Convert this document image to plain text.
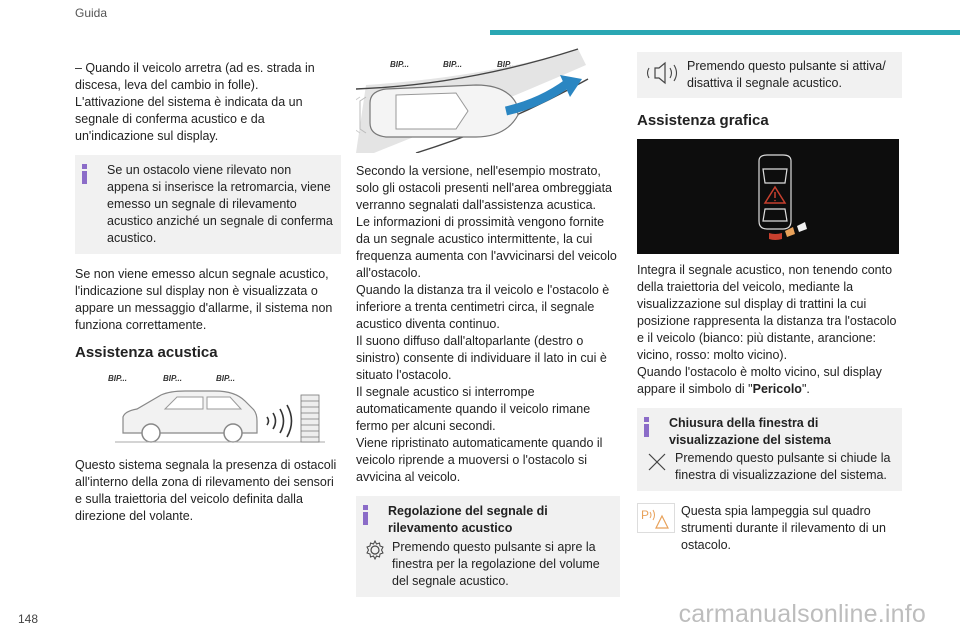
Guida

– Quando il veicolo arretra (ad es. strada in discesa, leva del cambio in folle).

L'attivazione del sistema è indicata da un segnale di conferma acustico e da un'indicazione sul display.

Se un ostacolo viene rilevato non appena si inserisce la retromarcia, viene emesso un segnale di rilevamento acustico anziché un segnale di conferma acustico.

Se non viene emesso alcun segnale acustico, l'indicazione sul display non è visualizzata o appare un messaggio d'allarme, il sistema non funziona correttamente.

Assistenza acustica
BIP...	BIP...	BIP...

Questo sistema segnala la presenza di ostacoli all'interno della zona di rilevamento dei sensori e sulla traiettoria del veicolo definita dalla direzione del volante.

BIP...	BIP...	BIP...

Secondo la versione, nell'esempio mostrato, solo gli ostacoli presenti nell'area ombreggiata verranno segnalati dall'assistenza acustica.

Le informazioni di prossimità vengono fornite da un segnale acustico intermittente, la cui frequenza aumenta con l'avvicinarsi del veicolo all'ostacolo.

Quando la distanza tra il veicolo e l'ostacolo è inferiore a trenta centimetri circa, il segnale acustico diventa continuo.

Il suono diffuso dall'altoparlante (destro o sinistro) consente di individuare il lato in cui è situato l'ostacolo.

Il segnale acustico si interrompe automaticamente quando il veicolo rimane fermo per alcuni secondi.

Viene ripristinato automaticamente quando il veicolo riprende a muoversi o l'ostacolo si avvicina al veicolo.

Regolazione del segnale di rilevamento acustico
Premendo questo pulsante si apre la finestra per la regolazione del volume del segnale acustico.
Premendo questo pulsante si attiva/ disattiva il segnale acustico.
Assistenza grafica

Integra il segnale acustico, non tenendo conto della traiettoria del veicolo, mediante la visualizzazione sul display di trattini la cui posizione rappresenta la distanza tra l'ostacolo e il veicolo (bianco: più distante, arancione: vicino, rosso: molto vicino).

Quando l'ostacolo è molto vicino, sul display appare il simbolo di "Pericolo".

Chiusura della finestra di visualizzazione del sistema
Premendo questo pulsante si chiude la finestra di visualizzazione del sistema.
P	Questa spia lampeggia sul quadro strumenti durante il rilevamento di un ostacolo.
148	carmanualsonline.info
